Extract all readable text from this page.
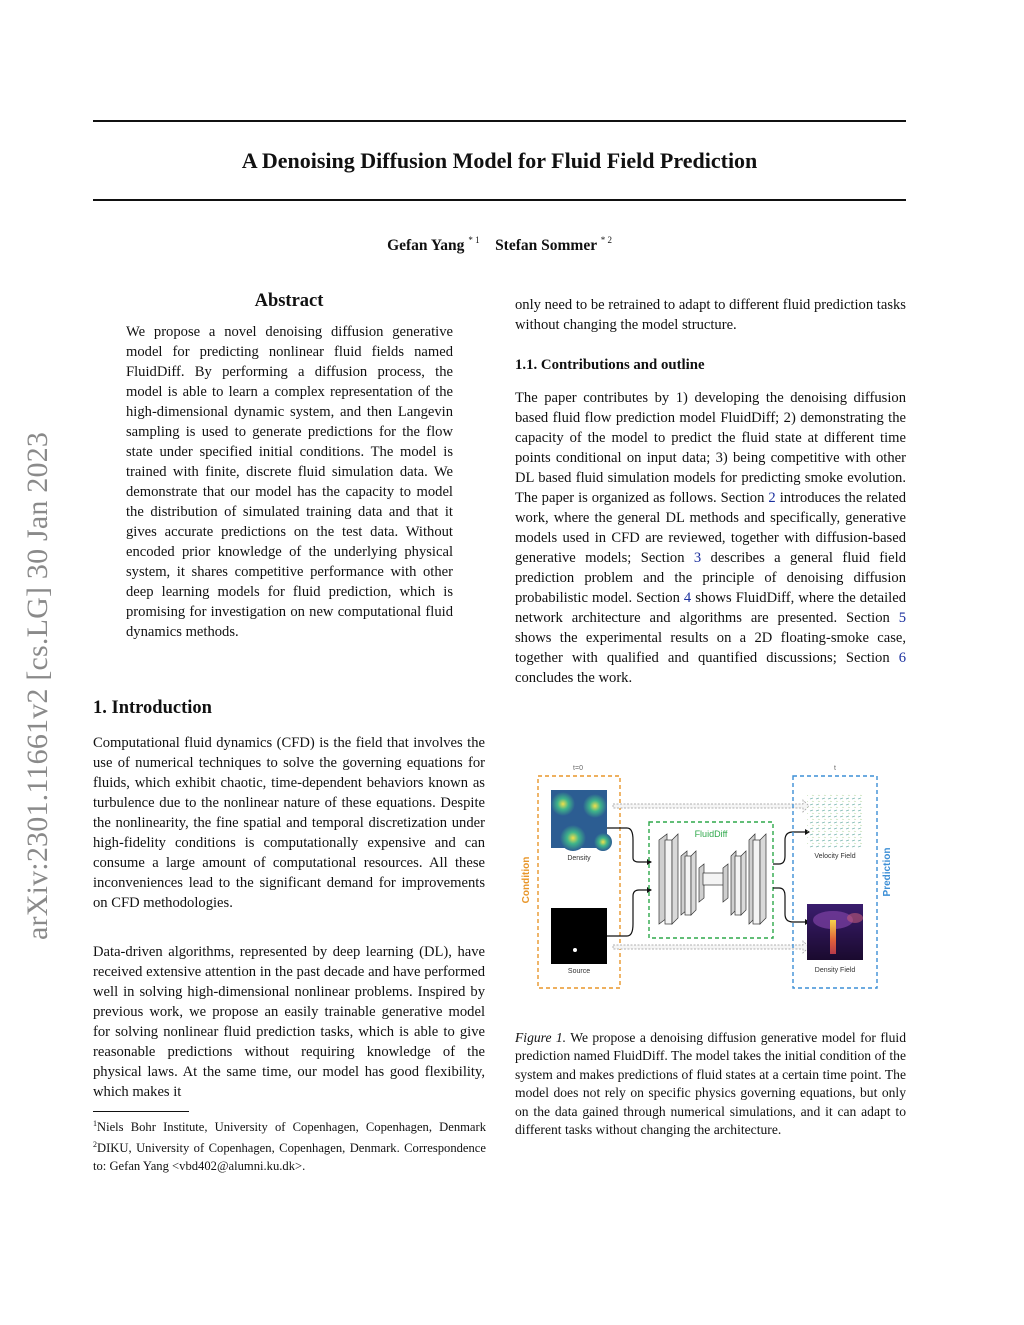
arXiv:2301.11661v2 [cs.LG] 30 Jan 2023
A Denoising Diffusion Model for Fluid Field Prediction
Gefan Yang $^{* 1}$ Stefan Sommer $^{* 2}$
Abstract

We propose a novel denoising diffusion generative model for predicting nonlinear fluid fields named FluidDiff. By performing a diffusion process, the model is able to learn a complex representation of the high-dimensional dynamic system, and then Langevin sampling is used to generate predictions for the flow state under specified initial conditions. The model is trained with finite, discrete fluid simulation data. We demonstrate that our model has the capacity to model the distribution of simulated training data and that it gives accurate predictions on the test data. Without encoded prior knowledge of the underlying physical system, it shares competitive performance with other deep learning models for fluid prediction, which is promising for investigation on new computational fluid dynamics methods.

1. Introduction

Computational fluid dynamics (CFD) is the field that involves the use of numerical techniques to solve the governing equations for fluids, which exhibit chaotic, time-dependent behaviors known as turbulence due to the nonlinear nature of these equations. Despite the nonlinearity, the fine spatial and temporal discretization under high-fidelity conditions is computationally expensive and can consume a large amount of computational resources. All these inconveniences lead to the significant demand for improvements on CFD methodologies.

Data-driven algorithms, represented by deep learning (DL), have received extensive attention in the past decade and have performed well in solving high-dimensional nonlinear problems. Inspired by previous work, we propose an easily trainable generative model for solving nonlinear fluid prediction tasks, which is able to give reasonable predictions without requiring knowledge of the physical laws. At the same time, our model has good flexibility, which makes it

$^1$Niels Bohr Institute, University of Copenhagen, Copenhagen, Denmark $^2$DIKU, University of Copenhagen, Copenhagen, Denmark. Correspondence to: Gefan Yang <vbd402@alumni.ku.dk>.

only need to be retrained to adapt to different fluid prediction tasks without changing the model structure.

1.1. Contributions and outline

The paper contributes by 1) developing the denoising diffusion based fluid flow prediction model FluidDiff; 2) demonstrating the capacity of the model to predict the fluid state at different time points conditional on input data; 3) being competitive with other DL based fluid simulation models for predicting smoke evolution. The paper is organized as follows. Section 2 introduces the related work, where the general DL methods and specifically, generative models used in CFD are reviewed, together with diffusion-based generative models; Section 3 describes a general fluid field prediction problem and the principle of denoising diffusion probabilistic model. Section 4 shows FluidDiff, where the detailed network architecture and algorithms are presented. Section 5 shows the experimental results on a 2D floating-smoke case, together with qualified and quantified discussions; Section 6 concludes the work.

t=0	t
Condition	Density
Source
FluidDiff
Prediction
Velocity Field
Density Field
Figure 1. We propose a denoising diffusion generative model for fluid prediction named FluidDiff. The model takes the initial condition of the system and makes predictions of fluid states at a certain time point. The model does not rely on specific physics governing equations, but only on the data gained through numerical simulations, and it can adapt to different tasks without changing the architecture.
